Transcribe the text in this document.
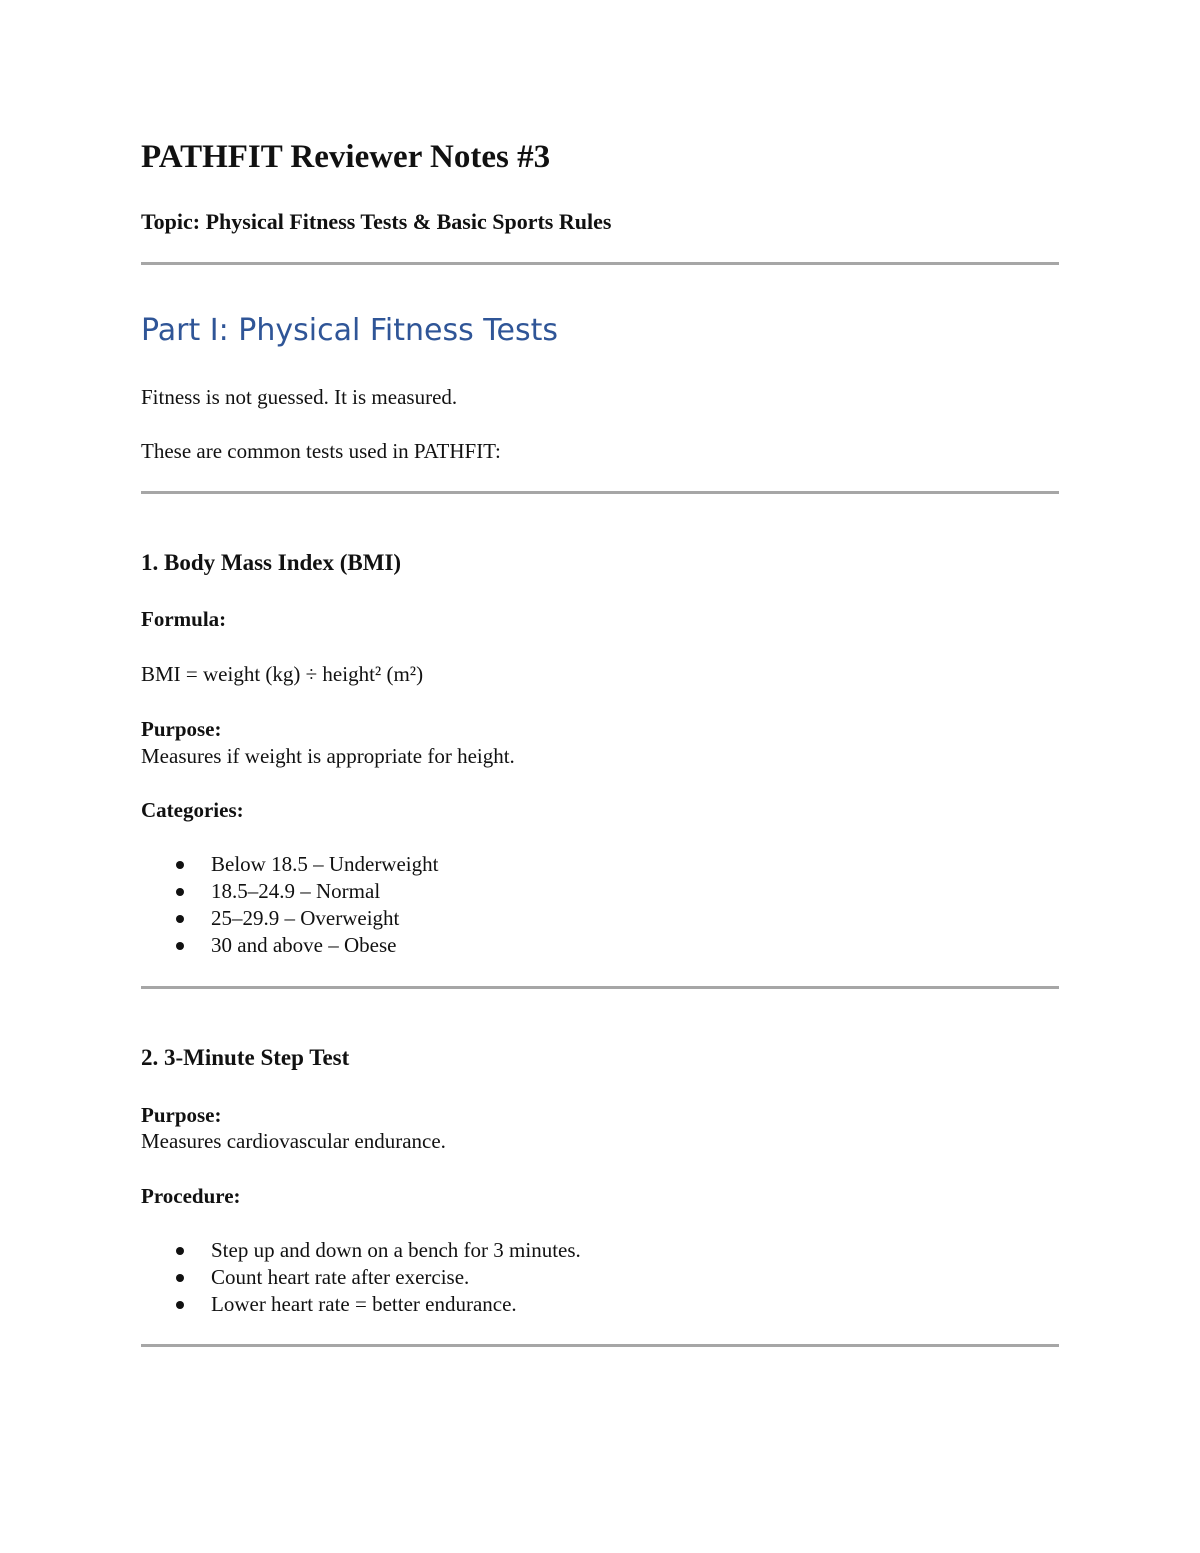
PATHFIT Reviewer Notes #3

Topic: Physical Fitness Tests & Basic Sports Rules

Part I: Physical Fitness Tests

Fitness is not guessed. It is measured.

These are common tests used in PATHFIT:

1. Body Mass Index (BMI)

Formula:

BMI = weight (kg) ÷ height² (m²)

Purpose:

Measures if weight is appropriate for height.

Categories:

Below 18.5 – Underweight
18.5–24.9 – Normal
25–29.9 – Overweight
30 and above – Obese
2. 3-Minute Step Test

Purpose:

Measures cardiovascular endurance.

Procedure:

Step up and down on a bench for 3 minutes.
Count heart rate after exercise.
Lower heart rate = better endurance.
